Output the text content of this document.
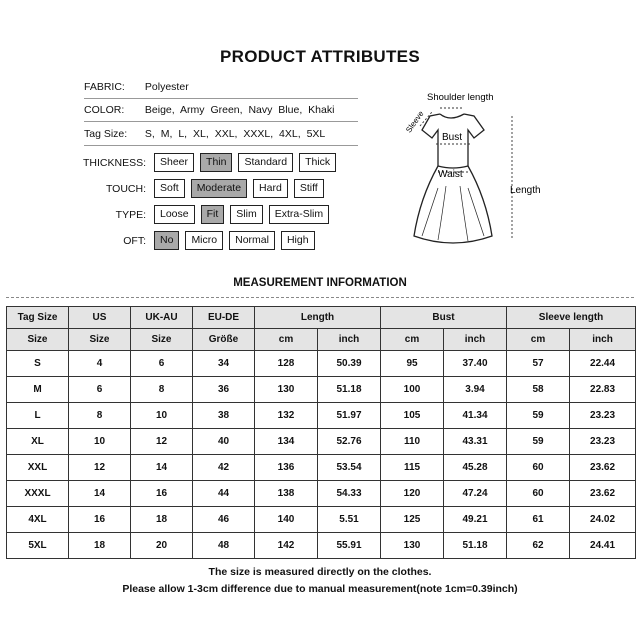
PRODUCT ATTRIBUTES
FABRIC: Polyester
COLOR: Beige, Army Green, Navy Blue, Khaki
Tag Size: S, M, L, XL, XXL, XXXL, 4XL, 5XL
THICKNESS:	Sheer	Thin	Standard	Thick
TOUCH:	Soft	Moderate	Hard	Stiff
TYPE:	Loose	Fit	Slim	Extra-Slim
OFT:	No	Micro	Normal	High
Shoulder length
Sleeve
Bust
Waist
Length
MEASUREMENT INFORMATION
Tag Size	US	UK-AU	EU-DE	Length		Bust		Sleeve length	
Size	Size	Size	Größe	cm	inch	cm	inch	cm	inch
S	4	6	34	128	50.39	95	37.40	57	22.44
M	6	8	36	130	51.18	100	3.94	58	22.83
L	8	10	38	132	51.97	105	41.34	59	23.23
XL	10	12	40	134	52.76	110	43.31	59	23.23
XXL	12	14	42	136	53.54	115	45.28	60	23.62
XXXL	14	16	44	138	54.33	120	47.24	60	23.62
4XL	16	18	46	140	5.51	125	49.21	61	24.02
5XL	18	20	48	142	55.91	130	51.18	62	24.41
The size is measured directly on the clothes.
Please allow 1-3cm difference due to manual measurement(note 1cm=0.39inch)
